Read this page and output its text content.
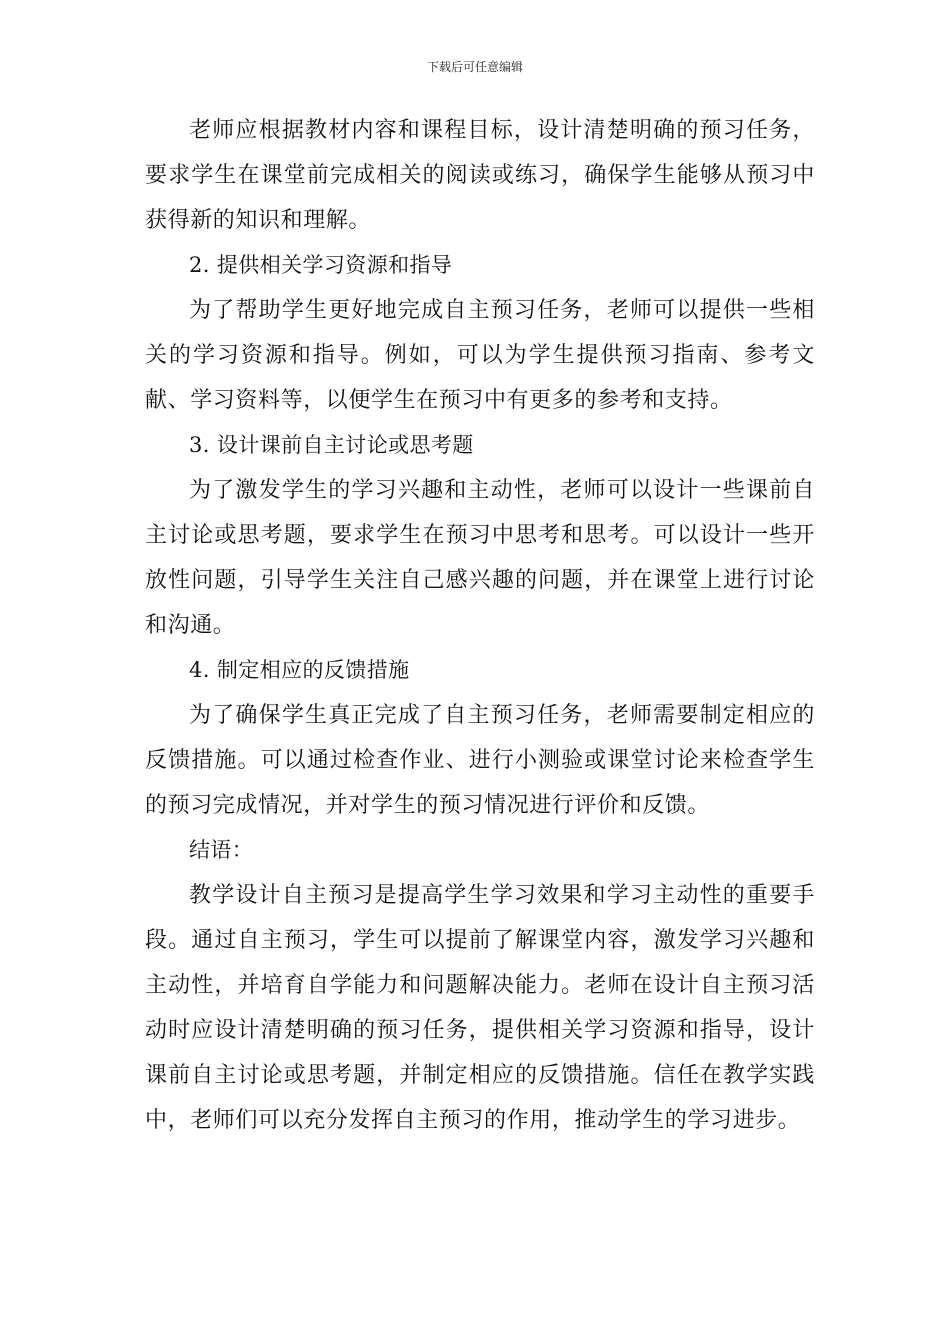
下载后可任意编辑

老师应根据教材内容和课程目标，设计清楚明确的预习任务，要求学生在课堂前完成相关的阅读或练习，确保学生能够从预习中获得新的知识和理解。

2. 提供相关学习资源和指导

为了帮助学生更好地完成自主预习任务，老师可以提供一些相关的学习资源和指导。例如，可以为学生提供预习指南、参考文献、学习资料等，以便学生在预习中有更多的参考和支持。

3. 设计课前自主讨论或思考题

为了激发学生的学习兴趣和主动性，老师可以设计一些课前自主讨论或思考题，要求学生在预习中思考和思考。可以设计一些开放性问题，引导学生关注自己感兴趣的问题，并在课堂上进行讨论和沟通。

4. 制定相应的反馈措施

为了确保学生真正完成了自主预习任务，老师需要制定相应的反馈措施。可以通过检查作业、进行小测验或课堂讨论来检查学生的预习完成情况，并对学生的预习情况进行评价和反馈。

结语：

教学设计自主预习是提高学生学习效果和学习主动性的重要手段。通过自主预习，学生可以提前了解课堂内容，激发学习兴趣和主动性，并培育自学能力和问题解决能力。老师在设计自主预习活动时应设计清楚明确的预习任务，提供相关学习资源和指导，设计课前自主讨论或思考题，并制定相应的反馈措施。信任在教学实践中，老师们可以充分发挥自主预习的作用，推动学生的学习进步。
